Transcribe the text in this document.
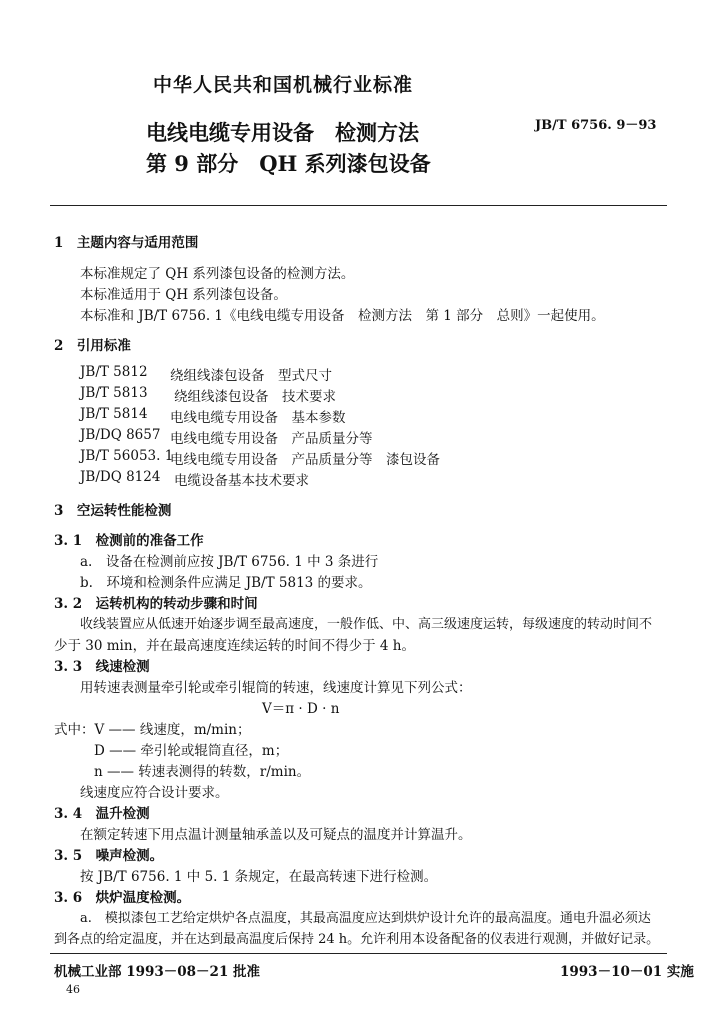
中华人民共和国机械行业标准
电线电缆专用设备　检测方法
第 9 部分　QH 系列漆包设备
JB/T 6756. 9－93
1　主题内容与适用范围
本标准规定了 QH 系列漆包设备的检测方法。
本标准适用于 QH 系列漆包设备。
本标准和 JB/T 6756. 1《电线电缆专用设备　检测方法　第 1 部分　总则》一起使用。
2　引用标准
JB/T 5812 绕组线漆包设备　型式尺寸
JB/T 5813 绕组线漆包设备　技术要求
JB/T 5814 电线电缆专用设备　基本参数
JB/DQ 8657 电线电缆专用设备　产品质量分等
JB/T 56053. 1
电线电缆专用设备　产品质量分等　漆包设备
JB/DQ 8124 电缆设备基本技术要求
3　空运转性能检测
3. 1　检测前的准备工作
a.　设备在检测前应按 JB/T 6756. 1 中 3 条进行
b.　环境和检测条件应满足 JB/T 5813 的要求。
3. 2　运转机构的转动步骤和时间
收线装置应从低速开始逐步调至最高速度，一般作低、中、高三级速度运转，每级速度的转动时间不
少于 30 min，并在最高速度连续运转的时间不得少于 4 h。
3. 3　线速检测
用转速表测量牵引轮或牵引辊筒的转速，线速度计算见下列公式：
V＝π · D · n
式中：V —— 线速度，m/min；
D —— 牵引轮或辊筒直径，m；
n —— 转速表测得的转数，r/min。
线速度应符合设计要求。
3. 4　温升检测
在额定转速下用点温计测量轴承盖以及可疑点的温度并计算温升。
3. 5　噪声检测。
按 JB/T 6756. 1 中 5. 1 条规定，在最高转速下进行检测。
3. 6　烘炉温度检测。
a.　模拟漆包工艺给定烘炉各点温度，其最高温度应达到烘炉设计允许的最高温度。通电升温必须达
到各点的给定温度，并在达到最高温度后保持 24 h。允许利用本设备配备的仪表进行观测，并做好记录。
机械工业部 1993－08－21 批准	1993－10－01 实施
46
